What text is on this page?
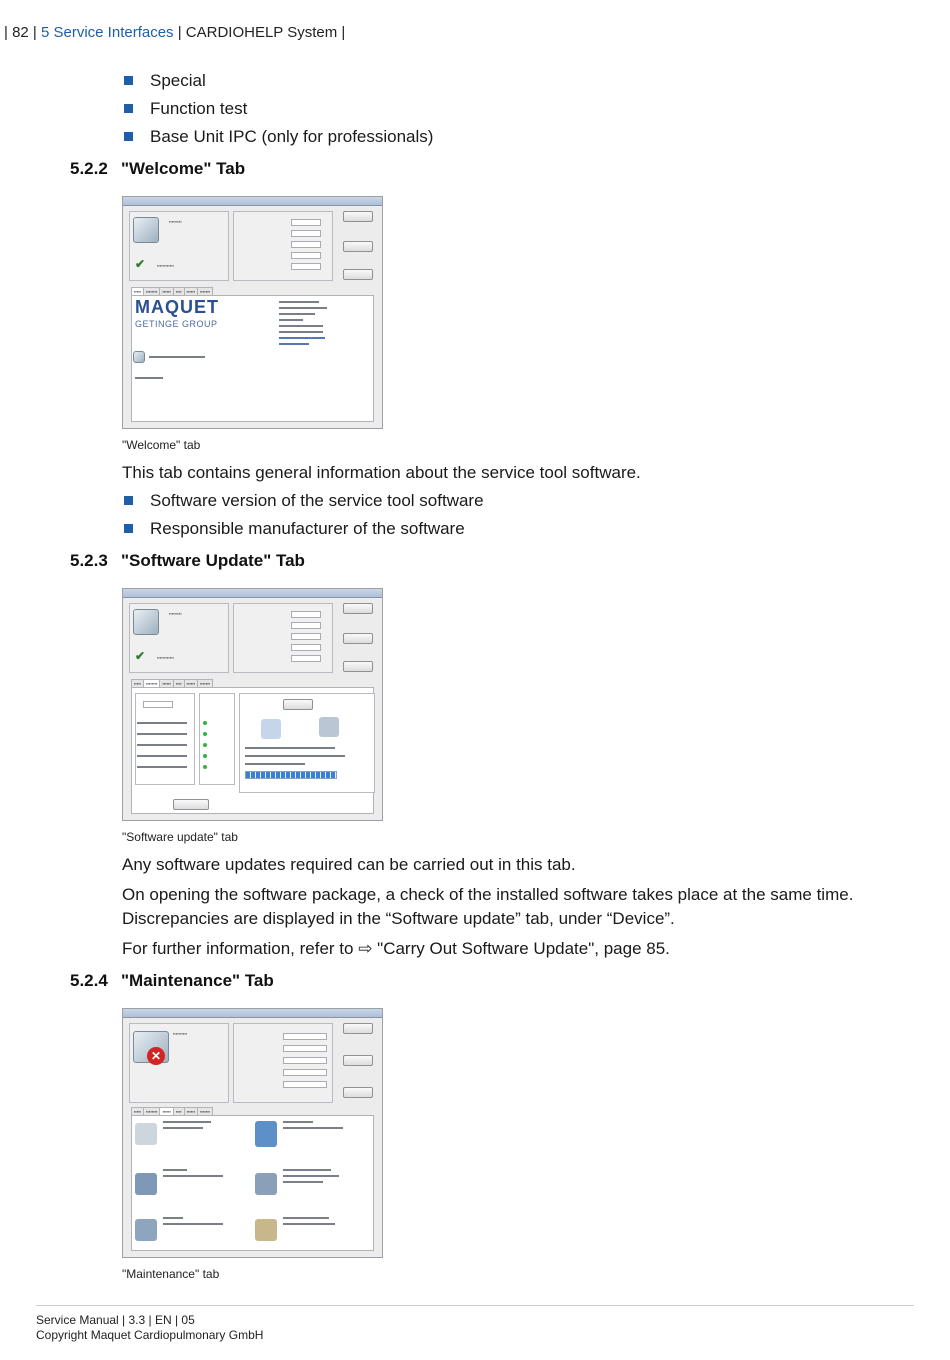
| 82 | 5 Service Interfaces | CARDIOHELP System |
Special
Function test
Base Unit IPC (only for professionals)
5.2.2 "Welcome" Tab
▪▪▪▪▪▪▪▪▪
✔	▪▪▪▪▪▪▪▪▪▪▪▪
▪▪▪▪▪ ▪▪▪▪▪▪▪▪ ▪▪▪▪▪▪ ▪▪▪▪ ▪▪▪▪▪▪ ▪▪▪▪▪▪▪
MAQUET
GETINGE GROUP
"Welcome" tab
This tab contains general information about the service tool software.
Software version of the service tool software
Responsible manufacturer of the software
5.2.3 "Software Update" Tab
▪▪▪▪▪▪▪▪▪
✔	▪▪▪▪▪▪▪▪▪▪▪▪
▪▪▪▪▪ ▪▪▪▪▪▪▪▪ ▪▪▪▪▪▪ ▪▪▪▪ ▪▪▪▪▪▪ ▪▪▪▪▪▪▪
"Software update" tab
Any software updates required can be carried out in this tab.
On opening the software package, a check of the installed software takes place at the same time. Discrepancies are displayed in the “Software update” tab, under “Device”.
For further information, refer to ⇨ "Carry Out Software Update", page 85.
5.2.4 "Maintenance" Tab
✕
▪▪▪▪▪▪▪▪▪▪
▪▪▪▪▪ ▪▪▪▪▪▪▪▪ ▪▪▪▪▪▪ ▪▪▪▪ ▪▪▪▪▪▪ ▪▪▪▪▪▪▪
"Maintenance" tab
Service Manual | 3.3 | EN | 05
Copyright Maquet Cardiopulmonary GmbH
